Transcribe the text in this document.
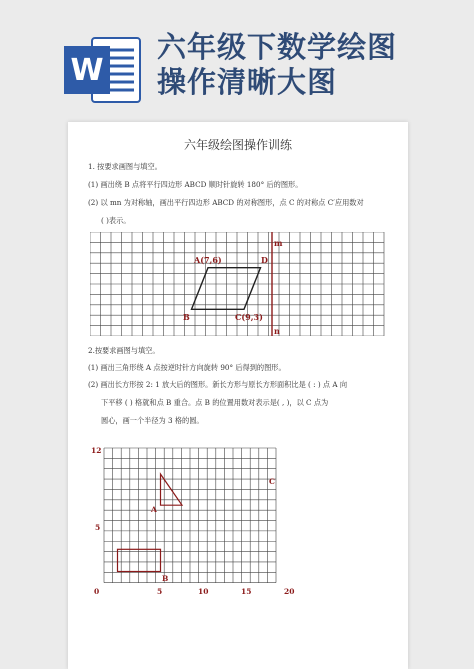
W
六年级下数学绘图
操作清晰大图
六年级绘图操作训练
1. 按要求画图与填空。
(1) 画出绕 B 点将平行四边形 ABCD 顺时针旋转 180° 后的图形。
(2) 以 mn 为对称轴，画出平行四边形 ABCD 的对称图形，点 C 的对称点 C′应用数对
( )表示。
A(7,6)	D
B	C(9,3)
m
n
2.按要求画图与填空。
(1) 画出三角形绕 A 点按逆时针方向旋转 90° 后得到的图形。
(2) 画出长方形按 2: 1 放大后的图形。新长方形与原长方形面积比是 ( : ) 点 A 向
下平移 ( ) 格就和点 B 重合。点 B 的位置用数对表示是( , )，以 C 点为
圆心，画一个半径为 3 格的圆。
12
5
0	5	10	15	20
A
B
C
